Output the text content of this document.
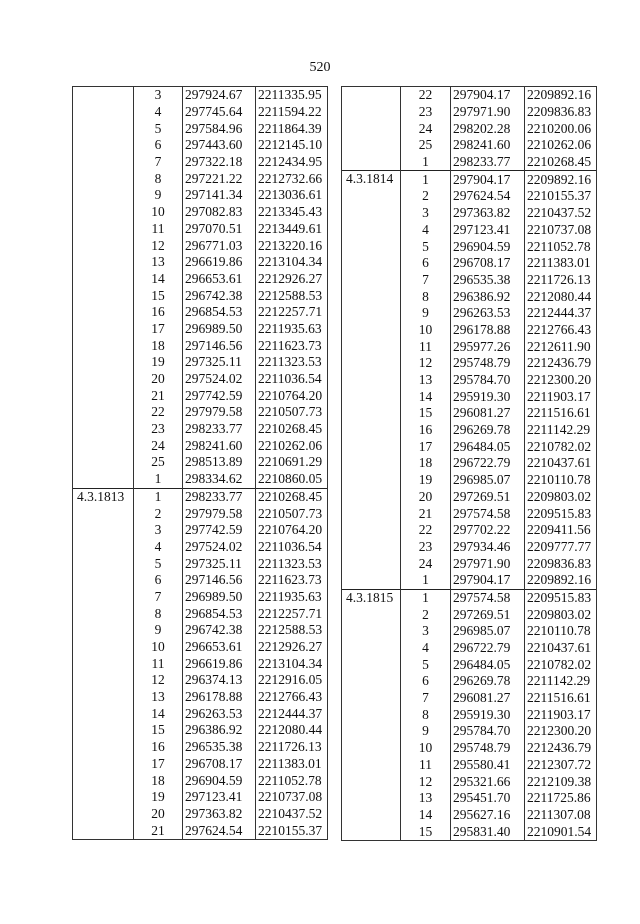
520
	3	297924.67	2211335.95
	4	297745.64	2211594.22
	5	297584.96	2211864.39
	6	297443.60	2212145.10
	7	297322.18	2212434.95
	8	297221.22	2212732.66
	9	297141.34	2213036.61
	10	297082.83	2213345.43
	11	297070.51	2213449.61
	12	296771.03	2213220.16
	13	296619.86	2213104.34
	14	296653.61	2212926.27
	15	296742.38	2212588.53
	16	296854.53	2212257.71
	17	296989.50	2211935.63
	18	297146.56	2211623.73
	19	297325.11	2211323.53
	20	297524.02	2211036.54
	21	297742.59	2210764.20
	22	297979.58	2210507.73
	23	298233.77	2210268.45
	24	298241.60	2210262.06
	25	298513.89	2210691.29
	1	298334.62	2210860.05
4.3.1813	1	298233.77	2210268.45
	2	297979.58	2210507.73
	3	297742.59	2210764.20
	4	297524.02	2211036.54
	5	297325.11	2211323.53
	6	297146.56	2211623.73
	7	296989.50	2211935.63
	8	296854.53	2212257.71
	9	296742.38	2212588.53
	10	296653.61	2212926.27
	11	296619.86	2213104.34
	12	296374.13	2212916.05
	13	296178.88	2212766.43
	14	296263.53	2212444.37
	15	296386.92	2212080.44
	16	296535.38	2211726.13
	17	296708.17	2211383.01
	18	296904.59	2211052.78
	19	297123.41	2210737.08
	20	297363.82	2210437.52
	21	297624.54	2210155.37
	22	297904.17	2209892.16
	23	297971.90	2209836.83
	24	298202.28	2210200.06
	25	298241.60	2210262.06
	1	298233.77	2210268.45
4.3.1814	1	297904.17	2209892.16
	2	297624.54	2210155.37
	3	297363.82	2210437.52
	4	297123.41	2210737.08
	5	296904.59	2211052.78
	6	296708.17	2211383.01
	7	296535.38	2211726.13
	8	296386.92	2212080.44
	9	296263.53	2212444.37
	10	296178.88	2212766.43
	11	295977.26	2212611.90
	12	295748.79	2212436.79
	13	295784.70	2212300.20
	14	295919.30	2211903.17
	15	296081.27	2211516.61
	16	296269.78	2211142.29
	17	296484.05	2210782.02
	18	296722.79	2210437.61
	19	296985.07	2210110.78
	20	297269.51	2209803.02
	21	297574.58	2209515.83
	22	297702.22	2209411.56
	23	297934.46	2209777.77
	24	297971.90	2209836.83
	1	297904.17	2209892.16
4.3.1815	1	297574.58	2209515.83
	2	297269.51	2209803.02
	3	296985.07	2210110.78
	4	296722.79	2210437.61
	5	296484.05	2210782.02
	6	296269.78	2211142.29
	7	296081.27	2211516.61
	8	295919.30	2211903.17
	9	295784.70	2212300.20
	10	295748.79	2212436.79
	11	295580.41	2212307.72
	12	295321.66	2212109.38
	13	295451.70	2211725.86
	14	295627.16	2211307.08
	15	295831.40	2210901.54
